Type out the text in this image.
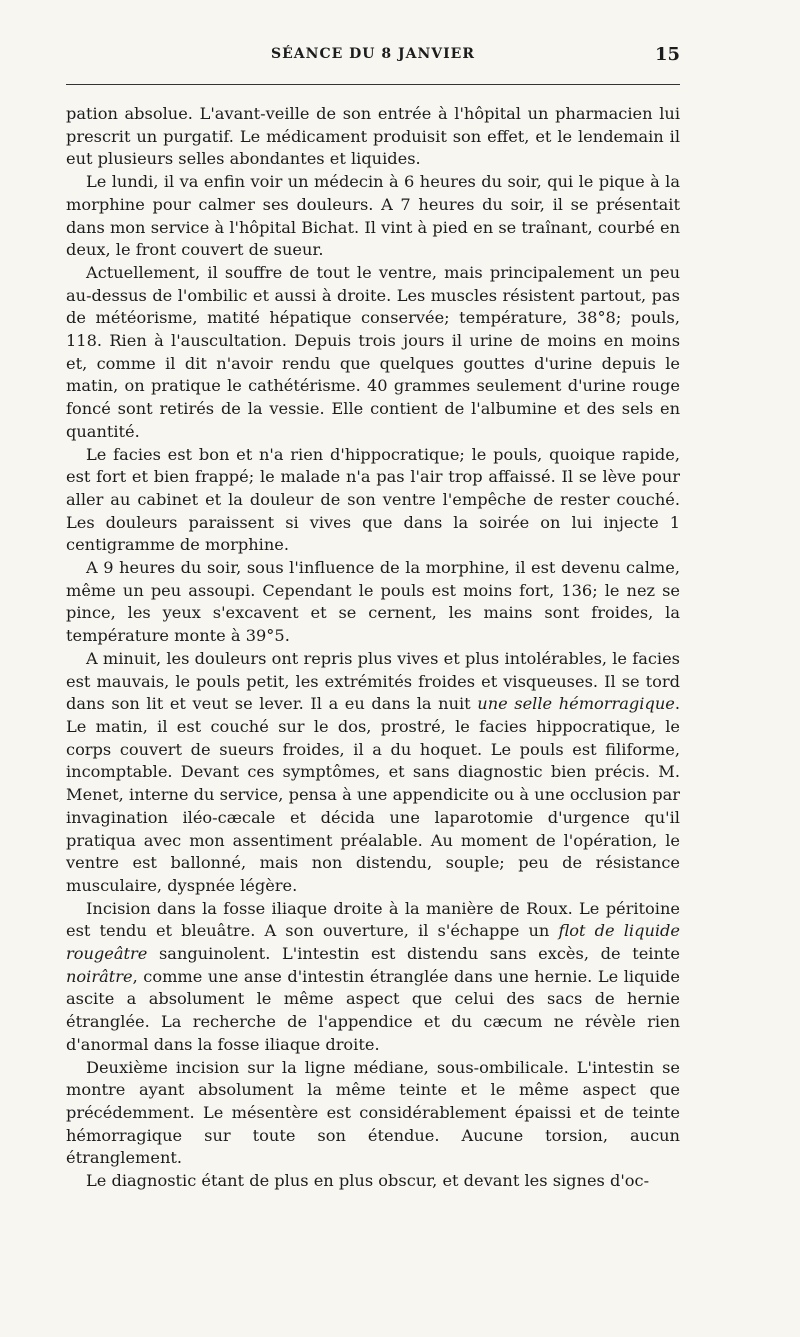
SÉANCE DU 8 JANVIER	15

pation absolue. L'avant-veille de son entrée à l'hôpital un pharmacien lui prescrit un purgatif. Le médicament produisit son effet, et le lendemain il eut plusieurs selles abondantes et liquides.

Le lundi, il va enfin voir un médecin à 6 heures du soir, qui le pique à la morphine pour calmer ses douleurs. A 7 heures du soir, il se présentait dans mon service à l'hôpital Bichat. Il vint à pied en se traînant, courbé en deux, le front couvert de sueur.

Actuellement, il souffre de tout le ventre, mais principalement un peu au-dessus de l'ombilic et aussi à droite. Les muscles résistent partout, pas de météorisme, matité hépatique conservée; température, 38°8; pouls, 118. Rien à l'auscultation. Depuis trois jours il urine de moins en moins et, comme il dit n'avoir rendu que quelques gouttes d'urine depuis le matin, on pratique le cathétérisme. 40 grammes seulement d'urine rouge foncé sont retirés de la vessie. Elle contient de l'albumine et des sels en quantité.

Le facies est bon et n'a rien d'hippocratique; le pouls, quoique rapide, est fort et bien frappé; le malade n'a pas l'air trop affaissé. Il se lève pour aller au cabinet et la douleur de son ventre l'empêche de rester couché. Les douleurs paraissent si vives que dans la soirée on lui injecte 1 centigramme de morphine.

A 9 heures du soir, sous l'influence de la morphine, il est devenu calme, même un peu assoupi. Cependant le pouls est moins fort, 136; le nez se pince, les yeux s'excavent et se cernent, les mains sont froides, la température monte à 39°5.

A minuit, les douleurs ont repris plus vives et plus intolérables, le facies est mauvais, le pouls petit, les extrémités froides et visqueuses. Il se tord dans son lit et veut se lever. Il a eu dans la nuit une selle hémorragique. Le matin, il est couché sur le dos, prostré, le facies hippocratique, le corps couvert de sueurs froides, il a du hoquet. Le pouls est filiforme, incomptable. Devant ces symptômes, et sans diagnostic bien précis. M. Menet, interne du service, pensa à une appendicite ou à une occlusion par invagination iléo-cæcale et décida une laparotomie d'urgence qu'il pratiqua avec mon assentiment préalable. Au moment de l'opération, le ventre est ballonné, mais non distendu, souple; peu de résistance musculaire, dyspnée légère.

Incision dans la fosse iliaque droite à la manière de Roux. Le péritoine est tendu et bleuâtre. A son ouverture, il s'échappe un flot de liquide rougeâtre sanguinolent. L'intestin est distendu sans excès, de teinte noirâtre, comme une anse d'intestin étranglée dans une hernie. Le liquide ascite a absolument le même aspect que celui des sacs de hernie étranglée. La recherche de l'appendice et du cæcum ne révèle rien d'anormal dans la fosse iliaque droite.

Deuxième incision sur la ligne médiane, sous-ombilicale. L'intestin se montre ayant absolument la même teinte et le même aspect que précédemment. Le mésentère est considérablement épaissi et de teinte hémorragique sur toute son étendue. Aucune torsion, aucun étranglement.

Le diagnostic étant de plus en plus obscur, et devant les signes d'oc-
